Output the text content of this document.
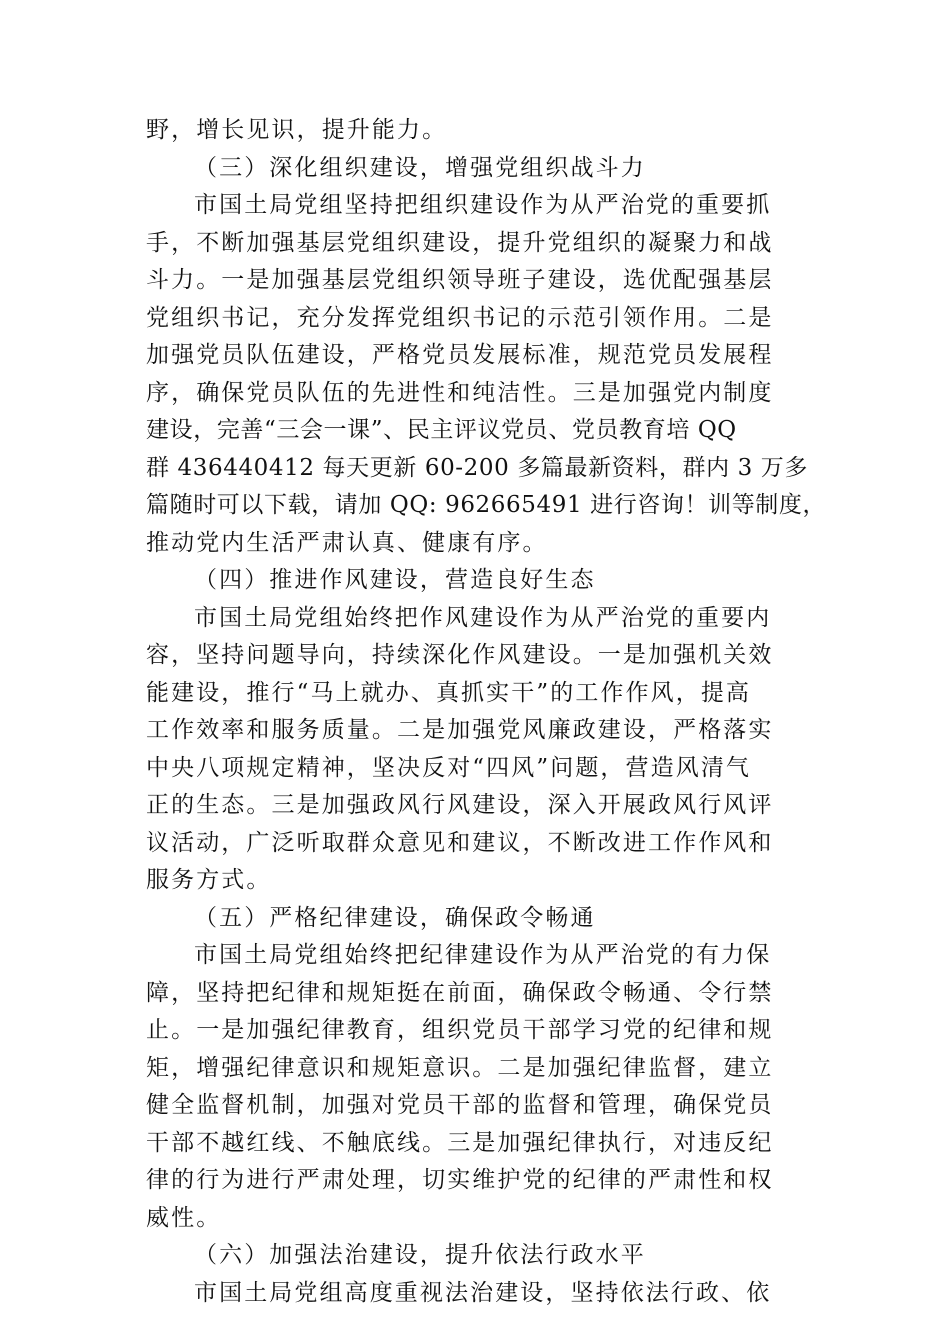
野，增长见识，提升能力。
（三）深化组织建设，增强党组织战斗力
市国土局党组坚持把组织建设作为从严治党的重要抓
手，不断加强基层党组织建设，提升党组织的凝聚力和战
斗力。一是加强基层党组织领导班子建设，选优配强基层
党组织书记，充分发挥党组织书记的示范引领作用。二是
加强党员队伍建设，严格党员发展标准，规范党员发展程
序，确保党员队伍的先进性和纯洁性。三是加强党内制度
建设，完善“三会一课”、民主评议党员、党员教育培 QQ
群 436440412 每天更新 60-200 多篇最新资料，群内 3 万多
篇随时可以下载，请加 QQ: 962665491 进行咨询！训等制度，
推动党内生活严肃认真、健康有序。
（四）推进作风建设，营造良好生态
市国土局党组始终把作风建设作为从严治党的重要内
容，坚持问题导向，持续深化作风建设。一是加强机关效
能建设，推行“马上就办、真抓实干”的工作作风，提高
工作效率和服务质量。二是加强党风廉政建设，严格落实
中央八项规定精神，坚决反对“四风”问题，营造风清气
正的生态。三是加强政风行风建设，深入开展政风行风评
议活动，广泛听取群众意见和建议，不断改进工作作风和
服务方式。
（五）严格纪律建设，确保政令畅通
市国土局党组始终把纪律建设作为从严治党的有力保
障，坚持把纪律和规矩挺在前面，确保政令畅通、令行禁
止。一是加强纪律教育，组织党员干部学习党的纪律和规
矩，增强纪律意识和规矩意识。二是加强纪律监督，建立
健全监督机制，加强对党员干部的监督和管理，确保党员
干部不越红线、不触底线。三是加强纪律执行，对违反纪
律的行为进行严肃处理，切实维护党的纪律的严肃性和权
威性。
（六）加强法治建设，提升依法行政水平
市国土局党组高度重视法治建设，坚持依法行政、依
